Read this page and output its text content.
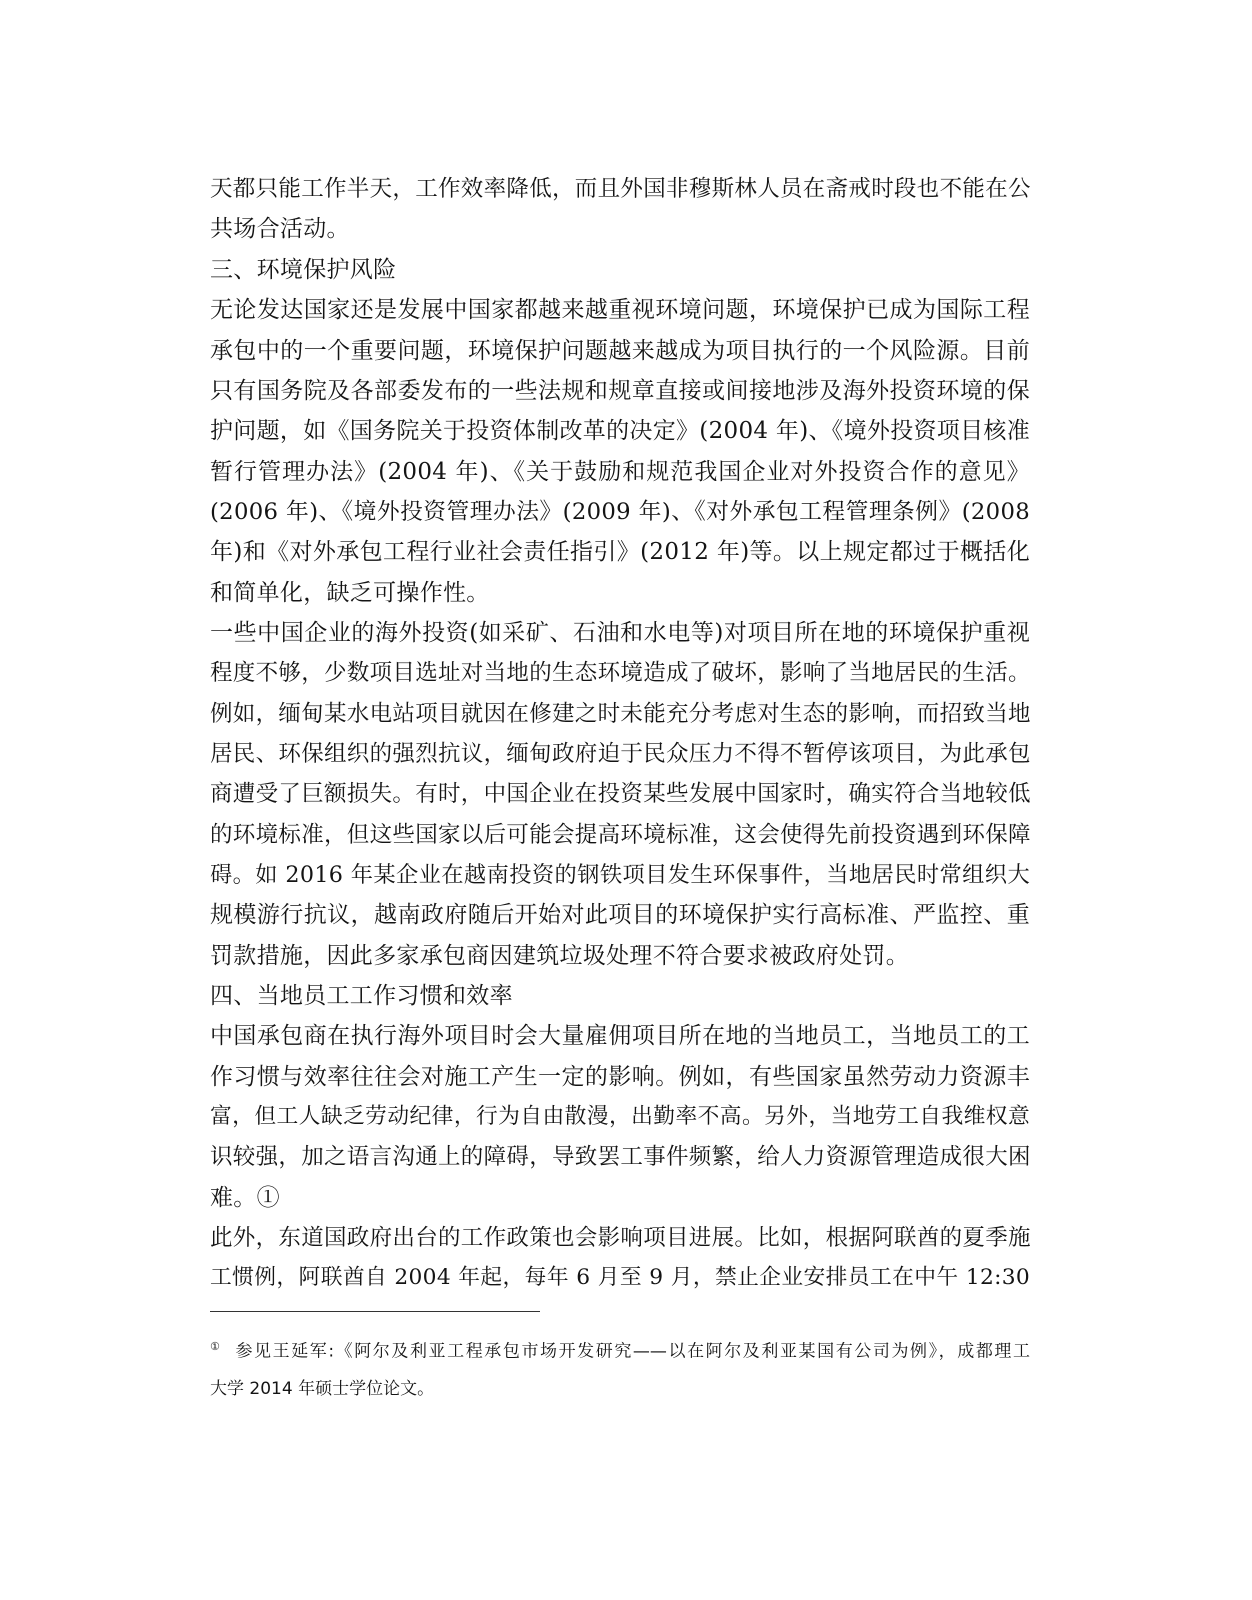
天都只能工作半天，工作效率降低，而且外国非穆斯林人员在斋戒时段也不能在公
共场合活动。
三、环境保护风险
无论发达国家还是发展中国家都越来越重视环境问题，环境保护已成为国际工程
承包中的一个重要问题，环境保护问题越来越成为项目执行的一个风险源。目前
只有国务院及各部委发布的一些法规和规章直接或间接地涉及海外投资环境的保
护问题，如《国务院关于投资体制改革的决定》(2004 年)、《境外投资项目核准
暂行管理办法》(2004 年)、《关于鼓励和规范我国企业对外投资合作的意见》
(2006 年)、《境外投资管理办法》(2009 年)、《对外承包工程管理条例》(2008
年)和《对外承包工程行业社会责任指引》(2012 年)等。以上规定都过于概括化
和简单化，缺乏可操作性。
一些中国企业的海外投资(如采矿、石油和水电等)对项目所在地的环境保护重视
程度不够，少数项目选址对当地的生态环境造成了破坏，影响了当地居民的生活。
例如，缅甸某水电站项目就因在修建之时未能充分考虑对生态的影响，而招致当地
居民、环保组织的强烈抗议，缅甸政府迫于民众压力不得不暂停该项目，为此承包
商遭受了巨额损失。有时，中国企业在投资某些发展中国家时，确实符合当地较低
的环境标准，但这些国家以后可能会提高环境标准，这会使得先前投资遇到环保障
碍。如 2016 年某企业在越南投资的钢铁项目发生环保事件，当地居民时常组织大
规模游行抗议，越南政府随后开始对此项目的环境保护实行高标准、严监控、重
罚款措施，因此多家承包商因建筑垃圾处理不符合要求被政府处罚。
四、当地员工工作习惯和效率
中国承包商在执行海外项目时会大量雇佣项目所在地的当地员工，当地员工的工
作习惯与效率往往会对施工产生一定的影响。例如，有些国家虽然劳动力资源丰
富，但工人缺乏劳动纪律，行为自由散漫，出勤率不高。另外，当地劳工自我维权意
识较强，加之语言沟通上的障碍，导致罢工事件频繁，给人力资源管理造成很大困
难。①
此外，东道国政府出台的工作政策也会影响项目进展。比如，根据阿联酋的夏季施
工惯例，阿联酋自 2004 年起，每年 6 月至 9 月，禁止企业安排员工在中午 12:30
① 参见王延军:《阿尔及利亚工程承包市场开发研究——以在阿尔及利亚某国有公司为例》，成都理工
大学 2014 年硕士学位论文。
